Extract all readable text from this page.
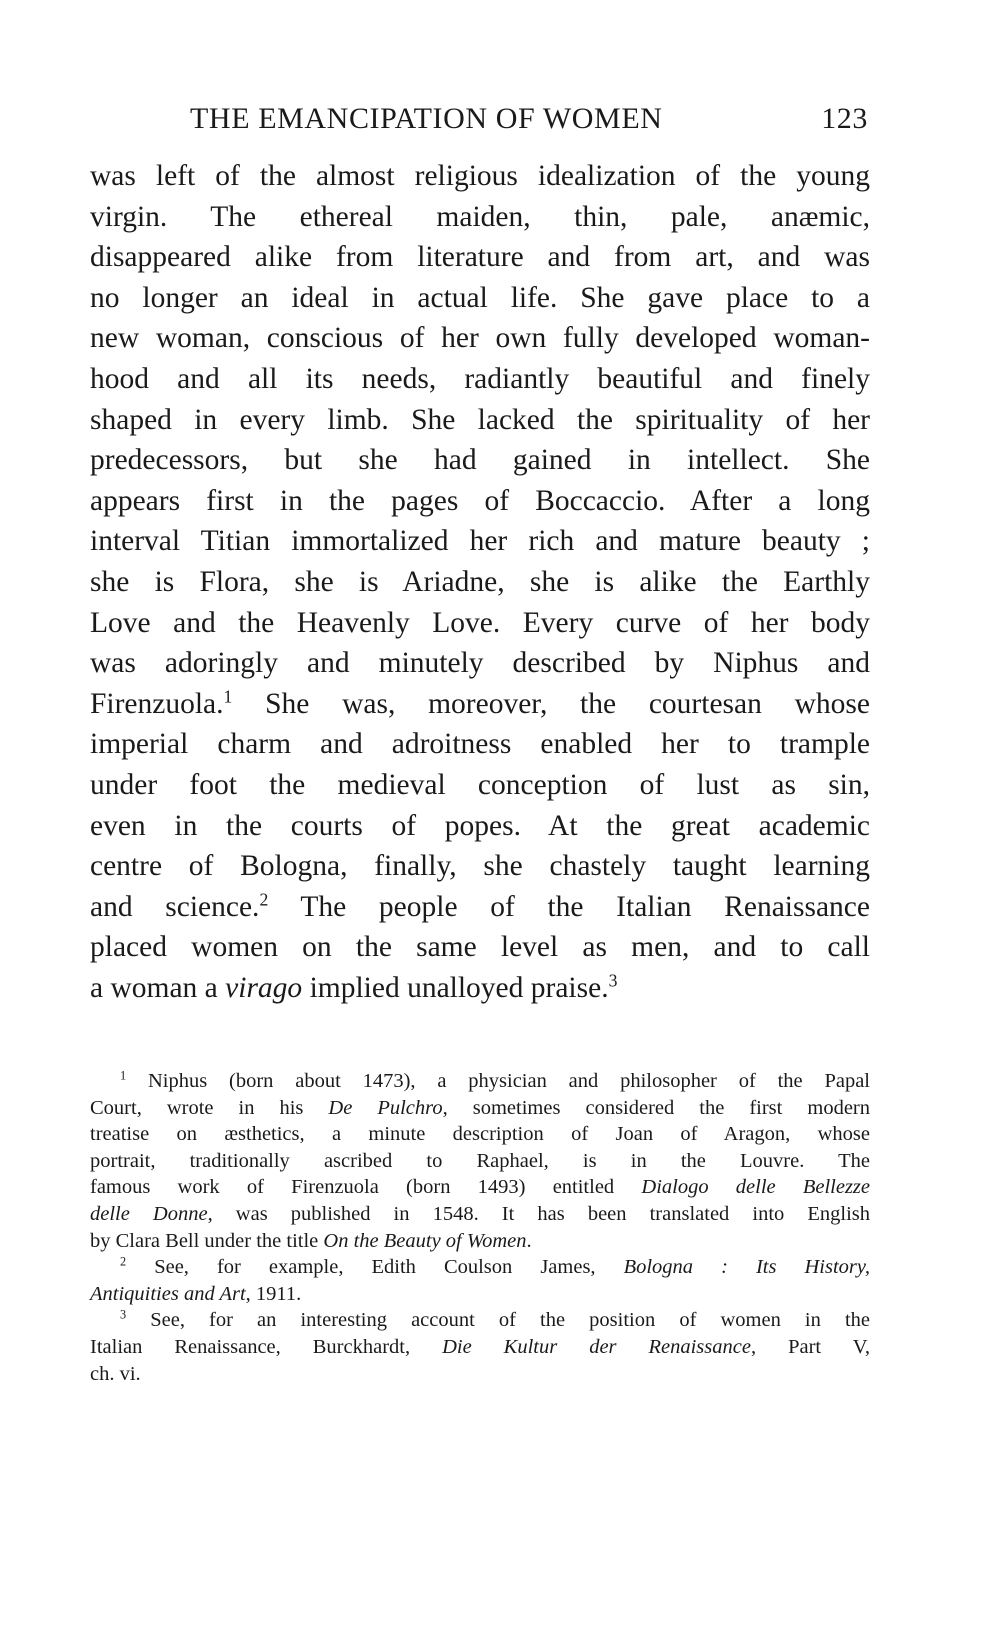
THE EMANCIPATION OF WOMEN	123
was left of the almost religious idealization of the young
virgin. The ethereal maiden, thin, pale, anæmic,
disappeared alike from literature and from art, and was
no longer an ideal in actual life. She gave place to a
new woman, conscious of her own fully developed woman-
hood and all its needs, radiantly beautiful and finely
shaped in every limb. She lacked the spirituality of her
predecessors, but she had gained in intellect. She
appears first in the pages of Boccaccio. After a long
interval Titian immortalized her rich and mature beauty ;
she is Flora, she is Ariadne, she is alike the Earthly
Love and the Heavenly Love. Every curve of her body
was adoringly and minutely described by Niphus and
Firenzuola.$^1$ She was, moreover, the courtesan whose
imperial charm and adroitness enabled her to trample
under foot the medieval conception of lust as sin,
even in the courts of popes. At the great academic
centre of Bologna, finally, she chastely taught learning
and science.$^2$ The people of the Italian Renaissance
placed women on the same level as men, and to call
a woman a virago implied unalloyed praise.$^3$
$^1$ Niphus (born about 1473), a physician and philosopher of the Papal
Court, wrote in his De Pulchro, sometimes considered the first modern
treatise on æsthetics, a minute description of Joan of Aragon, whose
portrait, traditionally ascribed to Raphael, is in the Louvre. The
famous work of Firenzuola (born 1493) entitled Dialogo delle Bellezze
delle Donne, was published in 1548. It has been translated into English
by Clara Bell under the title On the Beauty of Women.
$^2$ See, for example, Edith Coulson James, Bologna : Its History,
Antiquities and Art, 1911.
$^3$ See, for an interesting account of the position of women in the
Italian Renaissance, Burckhardt, Die Kultur der Renaissance, Part V,
ch. vi.
